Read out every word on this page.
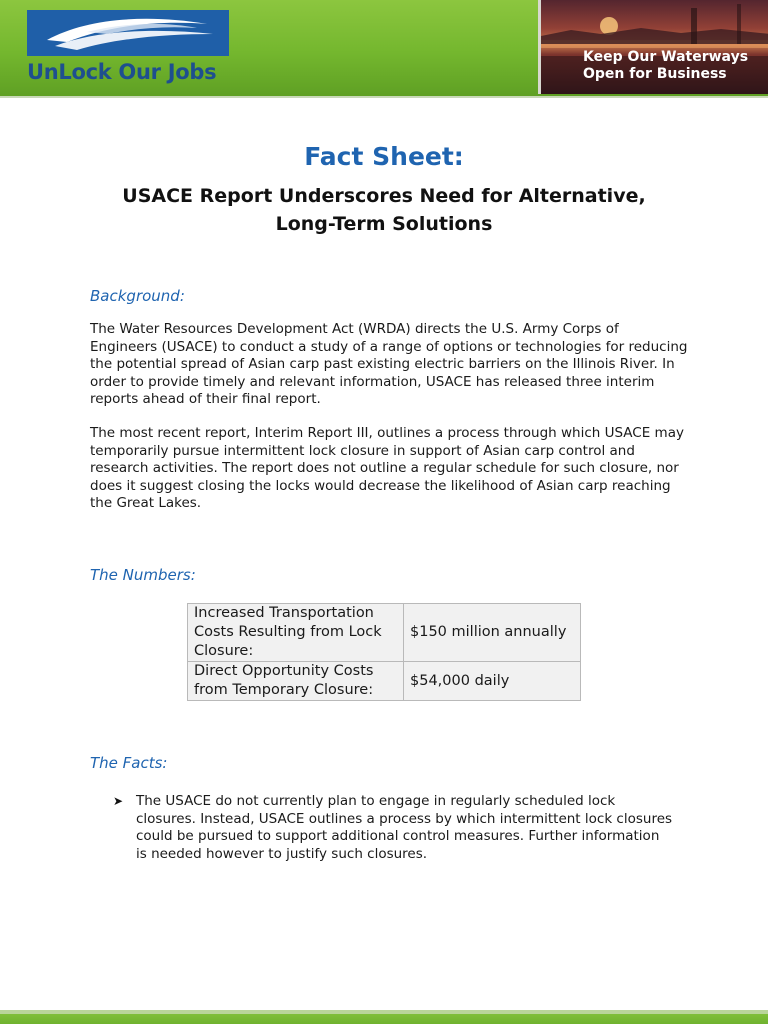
UnLock Our Jobs
Keep Our Waterways
Open for Business
Fact Sheet:
USACE Report Underscores Need for Alternative,
Long-Term Solutions
Background:
The Water Resources Development Act (WRDA) directs the U.S. Army Corps of Engineers (USACE) to conduct a study of a range of options or technologies for reducing the potential spread of Asian carp past existing electric barriers on the Illinois River. In order to provide timely and relevant information, USACE has released three interim reports ahead of their final report.
The most recent report, Interim Report III, outlines a process through which USACE may temporarily pursue intermittent lock closure in support of Asian carp control and research activities. The report does not outline a regular schedule for such closure, nor does it suggest closing the locks would decrease the likelihood of Asian carp reaching the Great Lakes.
The Numbers:
Increased Transportation Costs Resulting from Lock Closure:	$150 million annually
Direct Opportunity Costs from Temporary Closure:	$54,000 daily
The Facts:
➤ The USACE do not currently plan to engage in regularly scheduled lock closures. Instead, USACE outlines a process by which intermittent lock closures could be pursued to support additional control measures. Further information is needed however to justify such closures.
